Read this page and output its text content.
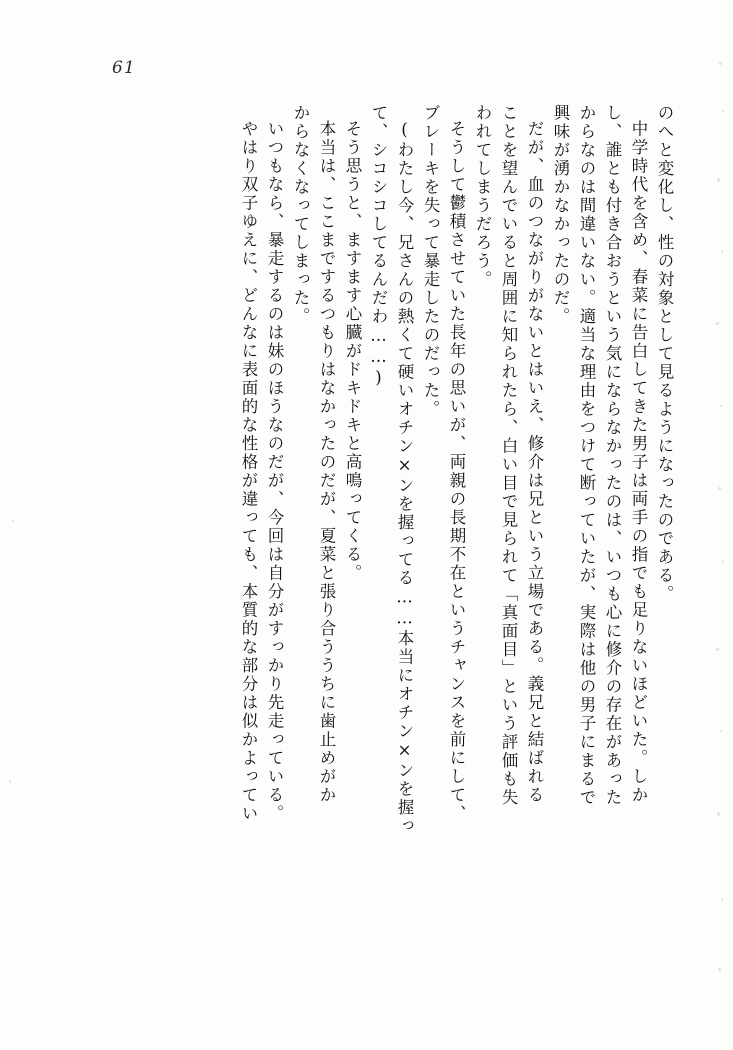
61
のへと変化し、性の対象として見るようになったのである。
中学時代を含め、春菜に告白してきた男子は両手の指でも足りないほどいた。しか
し、誰とも付き合おうという気にならなかったのは、いつも心に修介の存在があった
からなのは間違いない。適当な理由をつけて断っていたが、実際は他の男子にまるで
興味が湧かなかったのだ。
だが、血のつながりがないとはいえ、修介は兄という立場である。義兄と結ばれる
ことを望んでいると周囲に知られたら、白い目で見られて「真面目」という評価も失
われてしまうだろう。
そうして鬱積させていた長年の思いが、両親の長期不在というチャンスを前にして、
ブレーキを失って暴走したのだった。
(わたし今、兄さんの熱くて硬いオチン×ンを握ってる……本当にオチン×ンを握っ
て、シコシコしてるんだわ……)
そう思うと、ますます心臓がドキドキと高鳴ってくる。
本当は、ここまでするつもりはなかったのだが、夏菜と張り合ううちに歯止めがか
からなくなってしまった。
いつもなら、暴走するのは妹のほうなのだが、今回は自分がすっかり先走っている。
やはり双子ゆえに、どんなに表面的な性格が違っても、本質的な部分は似かよってい
